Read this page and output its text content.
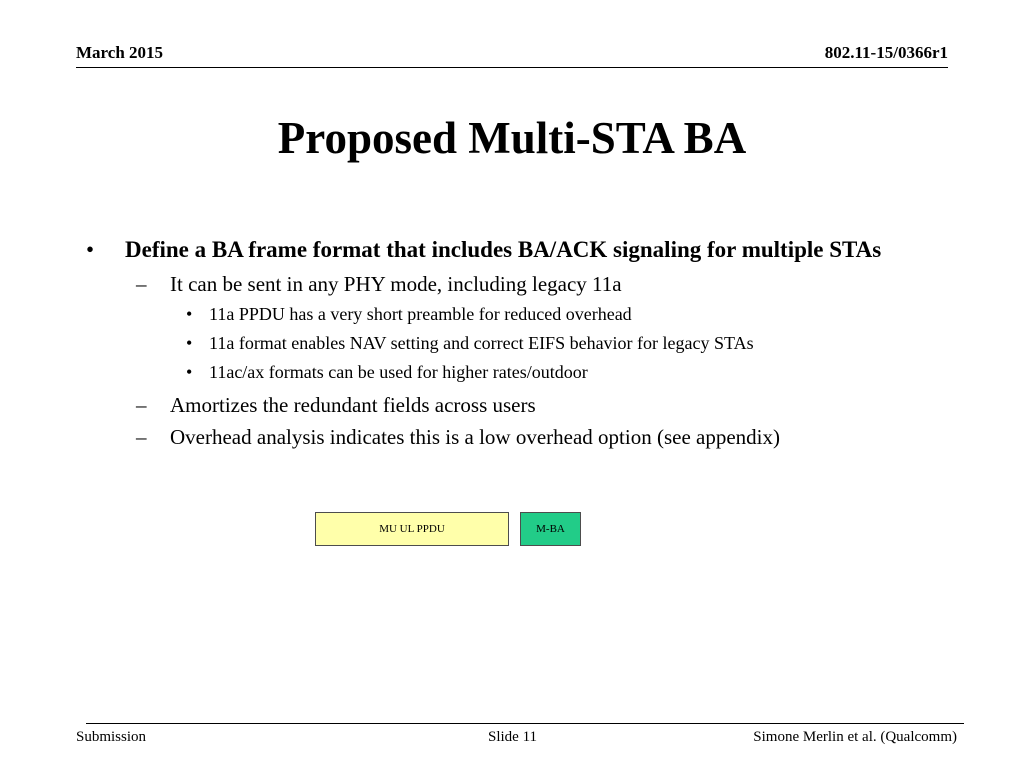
March 2015	802.11-15/0366r1
Proposed Multi-STA BA
• Define a BA frame format that includes BA/ACK signaling for multiple STAs
– It can be sent in any PHY mode, including legacy 11a
• 11a PPDU has a very short preamble for reduced overhead
• 11a format enables NAV setting and correct EIFS behavior for legacy STAs
• 11ac/ax formats can be used for higher rates/outdoor
– Amortizes the redundant fields across users
– Overhead analysis indicates this is a low overhead option (see appendix)
MU UL PPDU	M-BA
Submission	Slide 11	Simone Merlin et al. (Qualcomm)
